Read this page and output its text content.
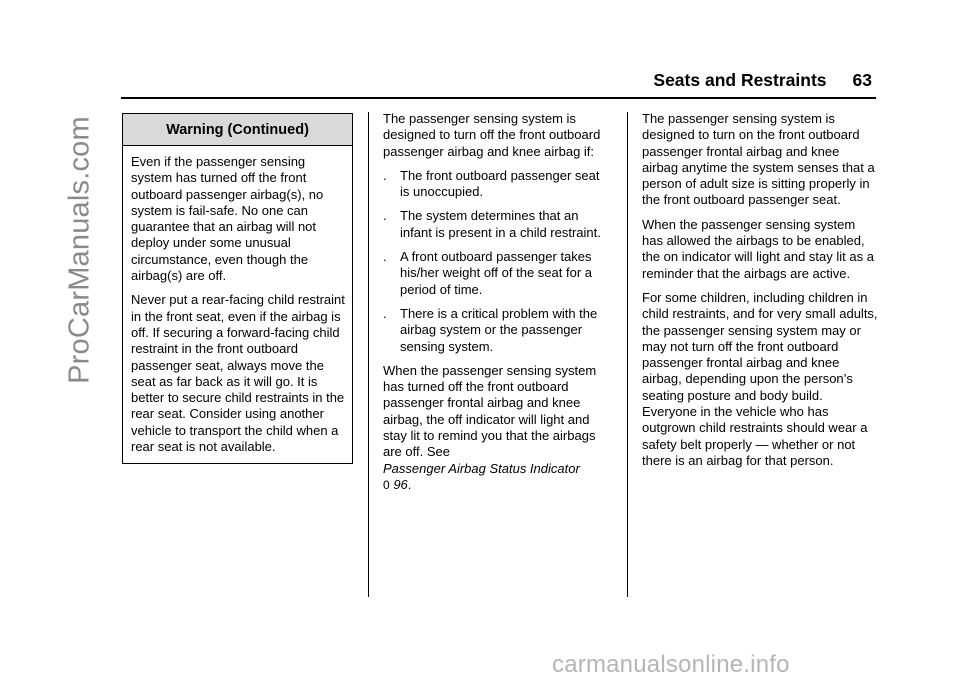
ProCarManuals.com
Seats and Restraints 63
Warning (Continued)

Even if the passenger sensing system has turned off the front outboard passenger airbag(s), no system is fail-safe. No one can guarantee that an airbag will not deploy under some unusual circumstance, even though the airbag(s) are off.

Never put a rear-facing child restraint in the front seat, even if the airbag is off. If securing a forward-facing child restraint in the front outboard passenger seat, always move the seat as far back as it will go. It is better to secure child restraints in the rear seat. Consider using another vehicle to transport the child when a rear seat is not available.

The passenger sensing system is designed to turn off the front outboard passenger airbag and knee airbag if:

. The front outboard passenger seat is unoccupied.
. The system determines that an infant is present in a child restraint.
. A front outboard passenger takes his/her weight off of the seat for a period of time.
. There is a critical problem with the airbag system or the passenger sensing system.

When the passenger sensing system has turned off the front outboard passenger frontal airbag and knee airbag, the off indicator will light and stay lit to remind you that the airbags are off. See
Passenger Airbag Status Indicator
0 96.

The passenger sensing system is designed to turn on the front outboard passenger frontal airbag and knee airbag anytime the system senses that a person of adult size is sitting properly in the front outboard passenger seat.

When the passenger sensing system has allowed the airbags to be enabled, the on indicator will light and stay lit as a reminder that the airbags are active.

For some children, including children in child restraints, and for very small adults, the passenger sensing system may or may not turn off the front outboard passenger frontal airbag and knee airbag, depending upon the person’s seating posture and body build. Everyone in the vehicle who has outgrown child restraints should wear a safety belt properly — whether or not there is an airbag for that person.

carmanualsonline.info
